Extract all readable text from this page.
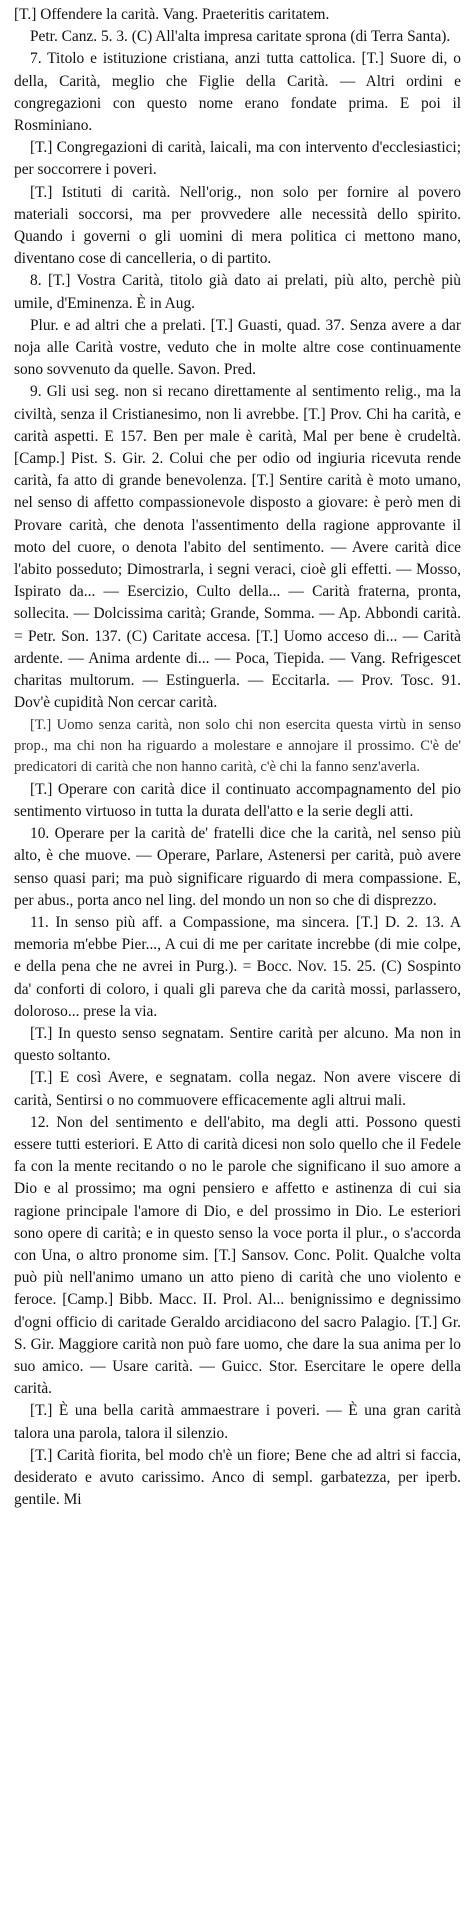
[T.] Offendere la carità. Vang. Praeteritis caritatem.

Petr. Canz. 5. 3. (C) All'alta impresa caritate sprona (di Terra Santa).

7. Titolo e istituzione cristiana, anzi tutta cattolica. [T.] Suore di, o della, Carità, meglio che Figlie della Carità. — Altri ordini e congregazioni con questo nome erano fondate prima. E poi il Rosminiano.

[T.] Congregazioni di carità, laicali, ma con intervento d'ecclesiastici; per soccorrere i poveri.

[T.] Istituti di carità. Nell'orig., non solo per fornire al povero materiali soccorsi, ma per provvedere alle necessità dello spirito. Quando i governi o gli uomini di mera politica ci mettono mano, diventano cose di cancelleria, o di partito.

8. [T.] Vostra Carità, titolo già dato ai prelati, più alto, perchè più umile, d'Eminenza. È in Aug.

Plur. e ad altri che a prelati. [T.] Guasti, quad. 37. Senza avere a dar noja alle Carità vostre, veduto che in molte altre cose continuamente sono sovvenuto da quelle. Savon. Pred.

9. Gli usi seg. non si recano direttamente al sentimento relig., ma la civiltà, senza il Cristianesimo, non li avrebbe. [T.] Prov. Chi ha carità, e carità aspetti. E 157. Ben per male è carità, Mal per bene è crudeltà. [Camp.] Pist. S. Gir. 2. Colui che per odio od ingiuria ricevuta rende carità, fa atto di grande benevolenza. [T.] Sentire carità è moto umano, nel senso di affetto compassionevole disposto a giovare: è però men di Provare carità, che denota l'assentimento della ragione approvante il moto del cuore, o denota l'abito del sentimento. — Avere carità dice l'abito posseduto; Dimostrarla, i segni veraci, cioè gli effetti. — Mosso, Ispirato da... — Esercizio, Culto della... — Carità fraterna, pronta, sollecita. — Dolcissima carità; Grande, Somma. — Ap. Abbondi carità. = Petr. Son. 137. (C) Caritate accesa. [T.] Uomo acceso di... — Carità ardente. — Anima ardente di... — Poca, Tiepida. — Vang. Refrigescet charitas multorum. — Estinguerla. — Eccitarla. — Prov. Tosc. 91. Dov'è cupidità Non cercar carità.

[T.] Uomo senza carità, non solo chi non esercita questa virtù in senso prop., ma chi non ha riguardo a molestare e annojare il prossimo. C'è de' predicatori di carità che non hanno carità, c'è chi la fanno senz'averla.

[T.] Operare con carità dice il continuato accompagnamento del pio sentimento virtuoso in tutta la durata dell'atto e la serie degli atti.

10. Operare per la carità de' fratelli dice che la carità, nel senso più alto, è che muove. — Operare, Parlare, Astenersi per carità, può avere senso quasi pari; ma può significare riguardo di mera compassione. E, per abus., porta anco nel ling. del mondo un non so che di disprezzo.

11. In senso più aff. a Compassione, ma sincera. [T.] D. 2. 13. A memoria m'ebbe Pier..., A cui di me per caritate increbbe (di mie colpe, e della pena che ne avrei in Purg.). = Bocc. Nov. 15. 25. (C) Sospinto da' conforti di coloro, i quali gli pareva che da carità mossi, parlassero, doloroso... prese la via.

[T.] In questo senso segnatam. Sentire carità per alcuno. Ma non in questo soltanto.

[T.] E così Avere, e segnatam. colla negaz. Non avere viscere di carità, Sentirsi o no commuovere efficacemente agli altrui mali.

12. Non del sentimento e dell'abito, ma degli atti. Possono questi essere tutti esteriori. E Atto di carità dicesi non solo quello che il Fedele fa con la mente recitando o no le parole che significano il suo amore a Dio e al prossimo; ma ogni pensiero e affetto e astinenza di cui sia ragione principale l'amore di Dio, e del prossimo in Dio. Le esteriori sono opere di carità; e in questo senso la voce porta il plur., o s'accorda con Una, o altro pronome sim. [T.] Sansov. Conc. Polit. Qualche volta può più nell'animo umano un atto pieno di carità che uno violento e feroce. [Camp.] Bibb. Macc. II. Prol. Al... benignissimo e degnissimo d'ogni officio di caritade Geraldo arcidiacono del sacro Palagio. [T.] Gr. S. Gir. Maggiore carità non può fare uomo, che dare la sua anima per lo suo amico. — Usare carità. — Guicc. Stor. Esercitare le opere della carità.

[T.] È una bella carità ammaestrare i poveri. — È una gran carità talora una parola, talora il silenzio.

[T.] Carità fiorita, bel modo ch'è un fiore; Bene che ad altri si faccia, desiderato e avuto carissimo. Anco di sempl. garbatezza, per iperb. gentile. Mi
